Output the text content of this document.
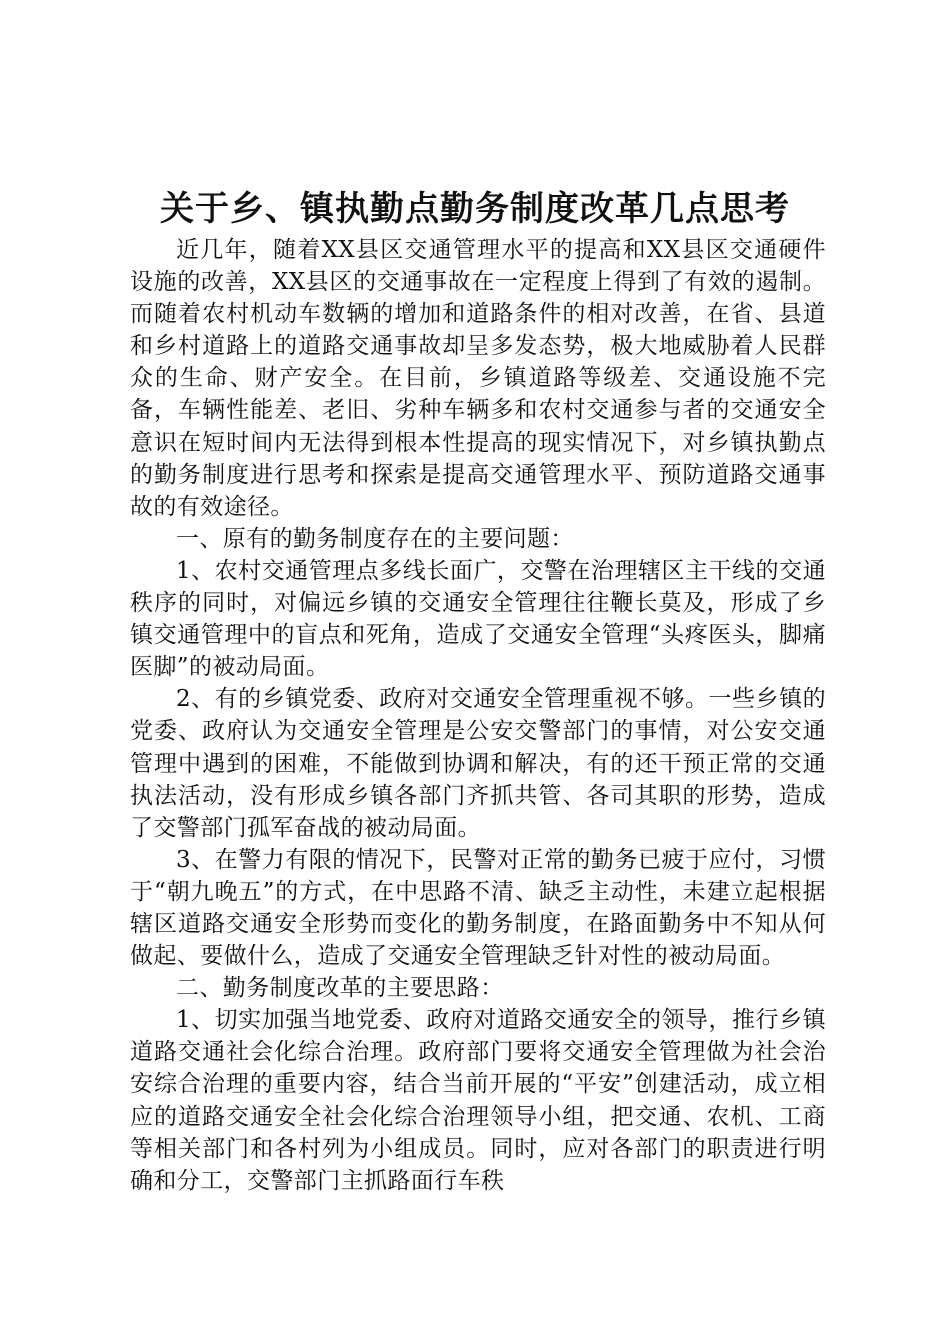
关于乡、镇执勤点勤务制度改革几点思考

近几年，随着XX县区交通管理水平的提高和XX县区交通硬件设施的改善，XX县区的交通事故在一定程度上得到了有效的遏制。而随着农村机动车数辆的增加和道路条件的相对改善，在省、县道和乡村道路上的道路交通事故却呈多发态势，极大地威胁着人民群众的生命、财产安全。在目前，乡镇道路等级差、交通设施不完备，车辆性能差、老旧、劣种车辆多和农村交通参与者的交通安全意识在短时间内无法得到根本性提高的现实情况下，对乡镇执勤点的勤务制度进行思考和探索是提高交通管理水平、预防道路交通事故的有效途径。

一、原有的勤务制度存在的主要问题：

1、农村交通管理点多线长面广，交警在治理辖区主干线的交通秩序的同时，对偏远乡镇的交通安全管理往往鞭长莫及，形成了乡镇交通管理中的盲点和死角，造成了交通安全管理“头疼医头，脚痛医脚”的被动局面。

2、有的乡镇党委、政府对交通安全管理重视不够。一些乡镇的党委、政府认为交通安全管理是公安交警部门的事情，对公安交通管理中遇到的困难，不能做到协调和解决，有的还干预正常的交通执法活动，没有形成乡镇各部门齐抓共管、各司其职的形势，造成了交警部门孤军奋战的被动局面。

3、在警力有限的情况下，民警对正常的勤务已疲于应付，习惯于“朝九晚五”的方式，在中思路不清、缺乏主动性，未建立起根据辖区道路交通安全形势而变化的勤务制度，在路面勤务中不知从何做起、要做什么，造成了交通安全管理缺乏针对性的被动局面。

二、勤务制度改革的主要思路：

1、切实加强当地党委、政府对道路交通安全的领导，推行乡镇道路交通社会化综合治理。政府部门要将交通安全管理做为社会治安综合治理的重要内容，结合当前开展的“平安”创建活动，成立相应的道路交通安全社会化综合治理领导小组，把交通、农机、工商等相关部门和各村列为小组成员。同时，应对各部门的职责进行明确和分工，交警部门主抓路面行车秩
